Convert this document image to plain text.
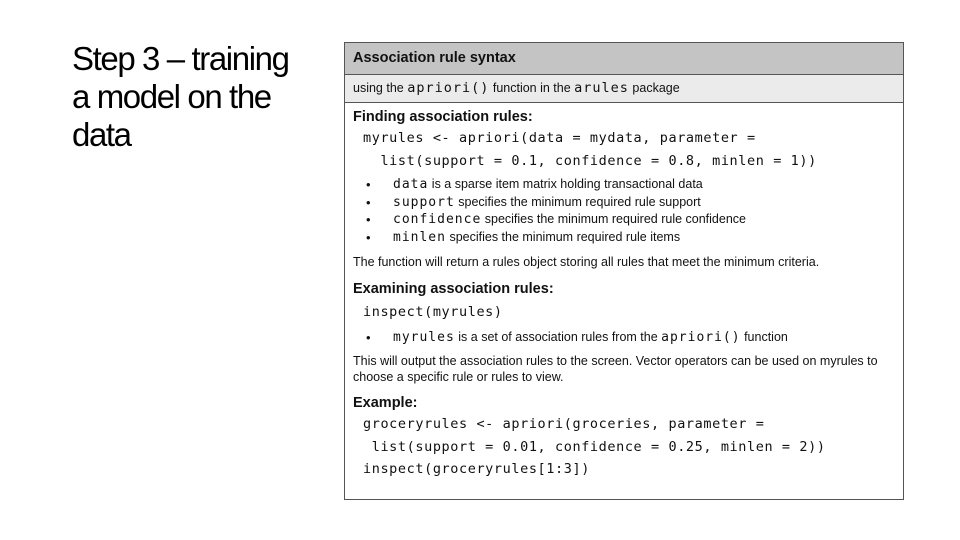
Step 3 – training
a model on the
data
Association rule syntax
using the apriori() function in the arules package
Finding association rules:
myrules <- apriori(data = mydata, parameter =
list(support = 0.1, confidence = 0.8, minlen = 1))
• data is a sparse item matrix holding transactional data
• support specifies the minimum required rule support
• confidence specifies the minimum required rule confidence
• minlen specifies the minimum required rule items

The function will return a rules object storing all rules that meet the minimum criteria.

Examining association rules:
inspect(myrules)
• myrules is a set of association rules from the apriori() function

This will output the association rules to the screen. Vector operators can be used on myrules to choose a specific rule or rules to view.

Example:
groceryrules <- apriori(groceries, parameter =
list(support = 0.01, confidence = 0.25, minlen = 2))
inspect(groceryrules[1:3])
